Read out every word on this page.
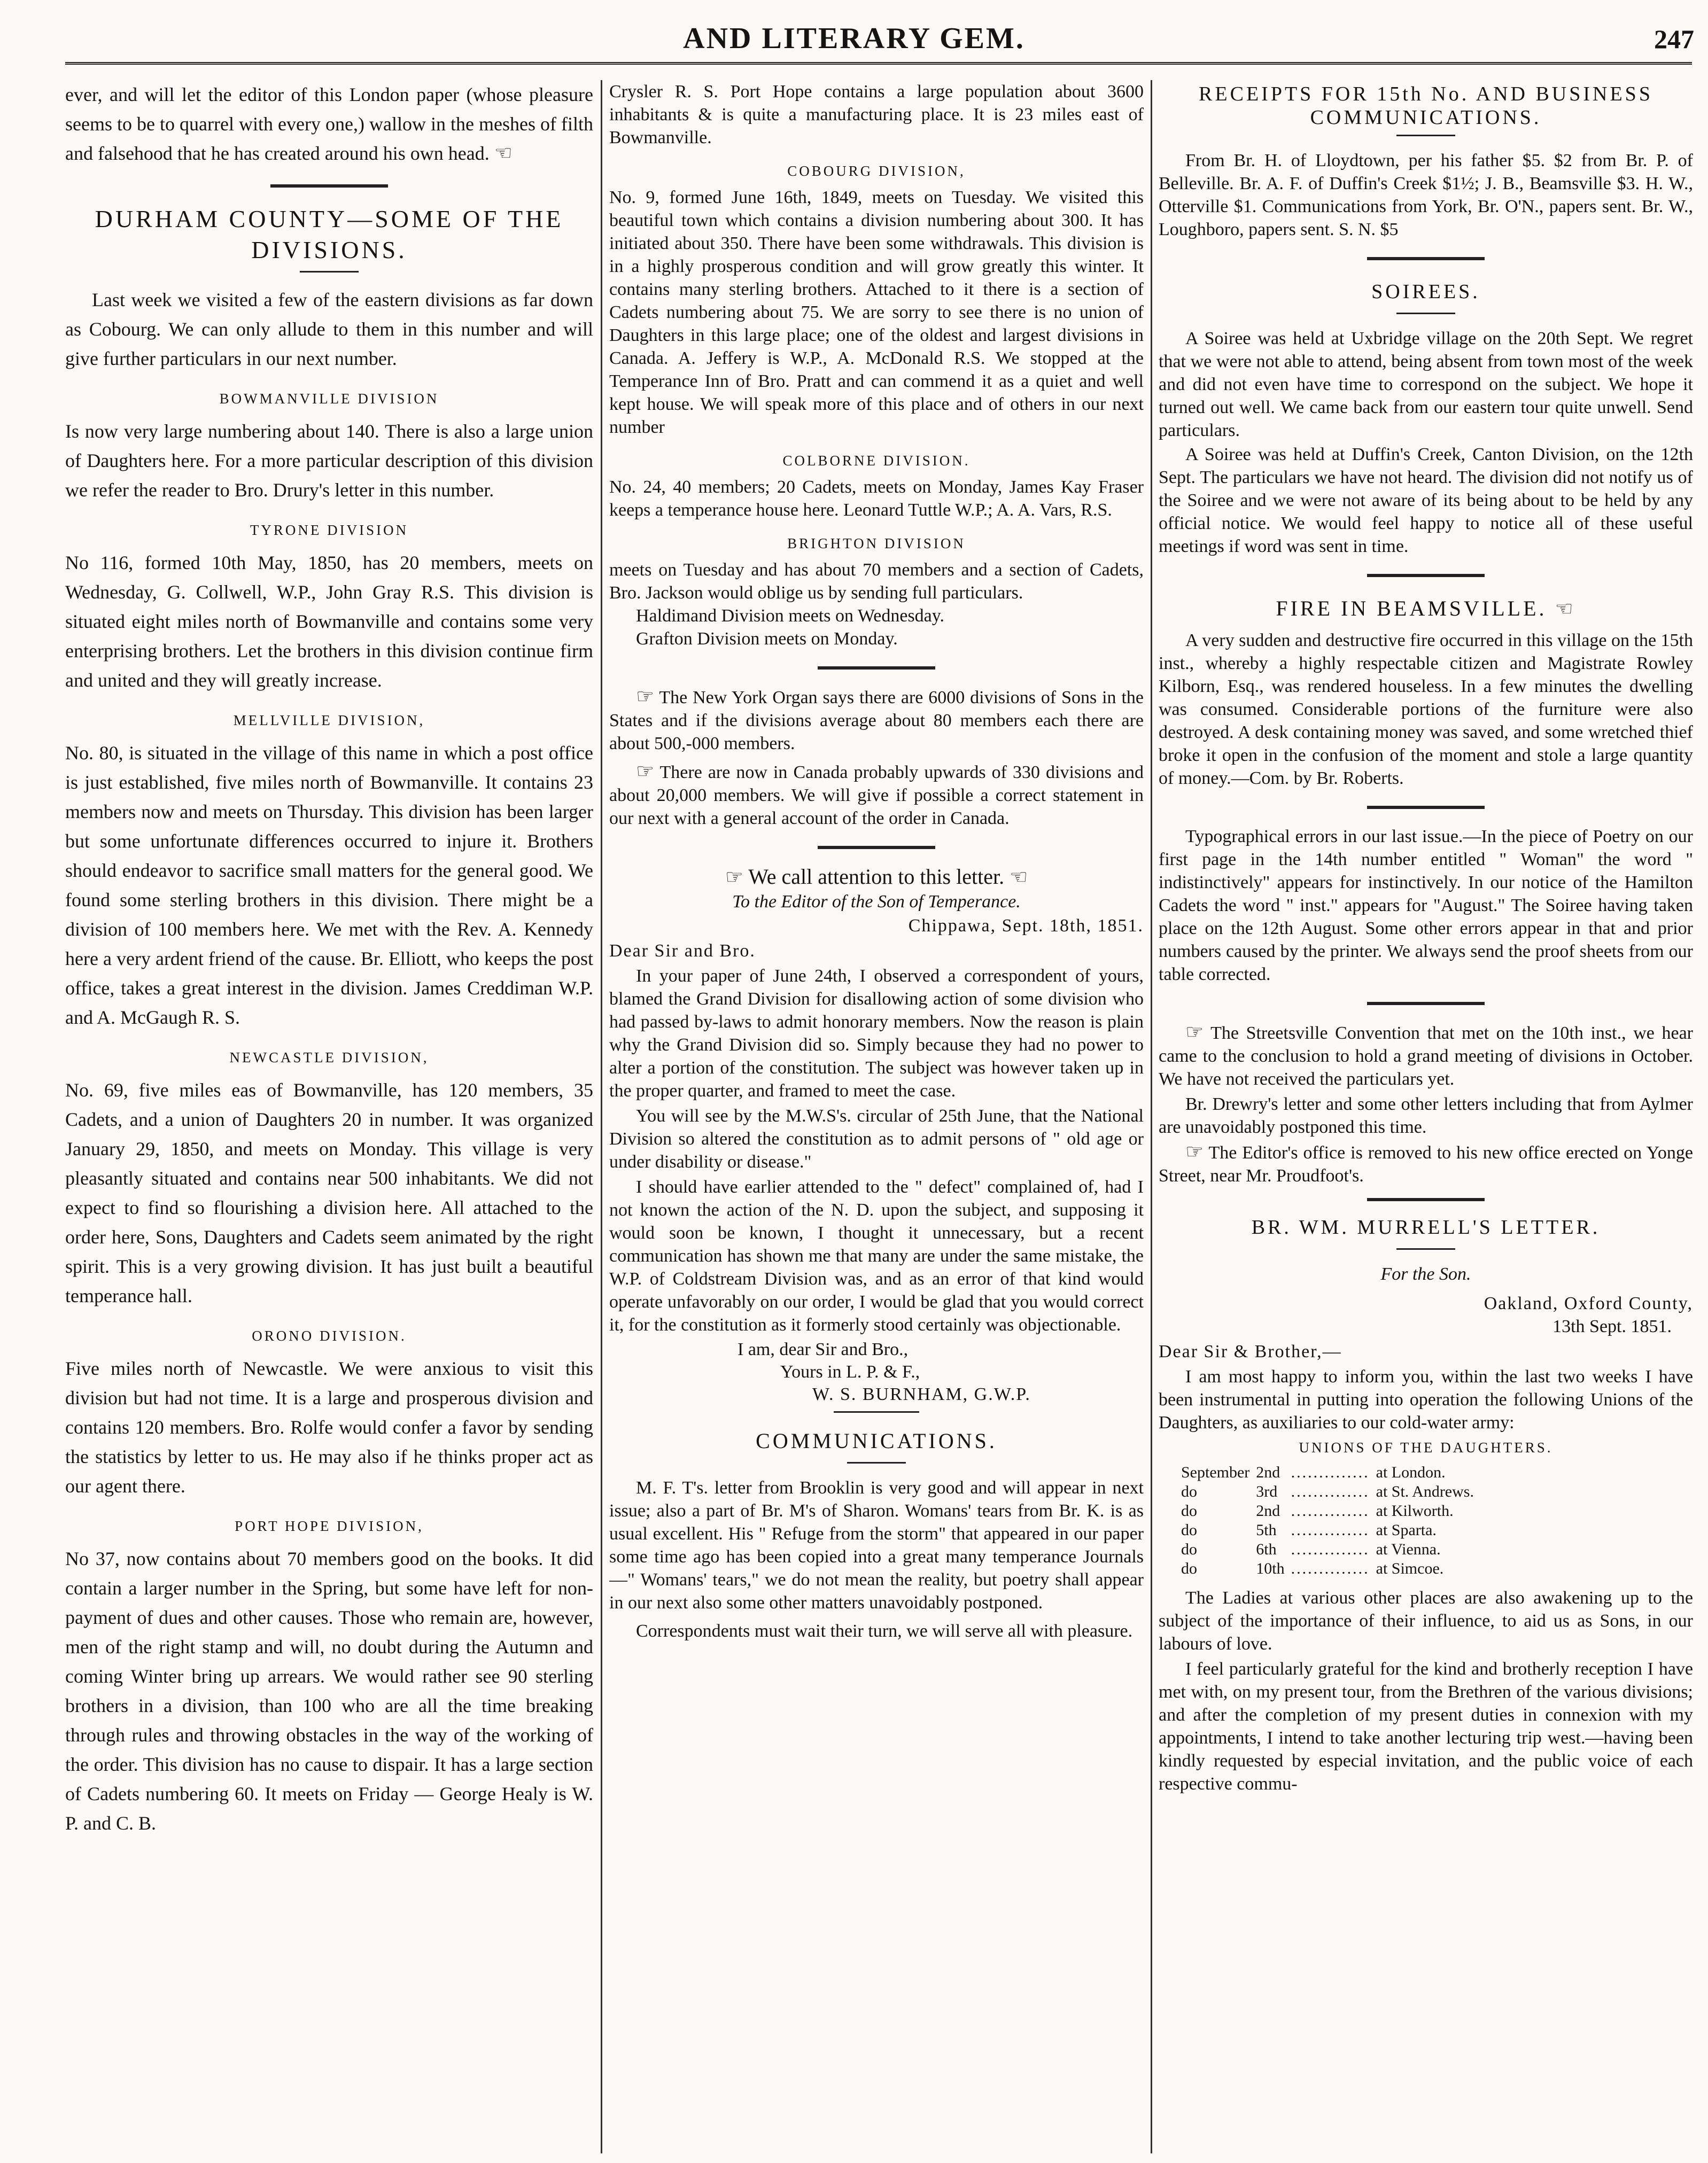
AND LITERARY GEM.	247

ever, and will let the editor of this London paper (whose pleasure seems to be to quarrel with every one,) wallow in the meshes of filth and falsehood that he has created around his own head. ☜

DURHAM COUNTY—SOME OF THE DIVISIONS.

Last week we visited a few of the eastern divisions as far down as Cobourg. We can only allude to them in this number and will give further particulars in our next number.

BOWMANVILLE DIVISION

Is now very large numbering about 140. There is also a large union of Daughters here. For a more particular description of this division we refer the reader to Bro. Drury's letter in this number.

TYRONE DIVISION

No 116, formed 10th May, 1850, has 20 members, meets on Wednesday, G. Collwell, W.P., John Gray R.S. This division is situated eight miles north of Bowmanville and contains some very enterprising brothers. Let the brothers in this division continue firm and united and they will greatly increase.

MELLVILLE DIVISION,

No. 80, is situated in the village of this name in which a post office is just established, five miles north of Bowmanville. It contains 23 members now and meets on Thursday. This division has been larger but some unfortunate differences occurred to injure it. Brothers should endeavor to sacrifice small matters for the general good. We found some sterling brothers in this division. There might be a division of 100 members here. We met with the Rev. A. Kennedy here a very ardent friend of the cause. Br. Elliott, who keeps the post office, takes a great interest in the division. James Creddiman W.P. and A. McGaugh R. S.

NEWCASTLE DIVISION,

No. 69, five miles eas of Bowmanville, has 120 members, 35 Cadets, and a union of Daughters 20 in number. It was organized January 29, 1850, and meets on Monday. This village is very pleasantly situated and contains near 500 inhabitants. We did not expect to find so flourishing a division here. All attached to the order here, Sons, Daughters and Cadets seem animated by the right spirit. This is a very growing division. It has just built a beautiful temperance hall.

ORONO DIVISION.

Five miles north of Newcastle. We were anxious to visit this division but had not time. It is a large and prosperous division and contains 120 members. Bro. Rolfe would confer a favor by sending the statistics by letter to us. He may also if he thinks proper act as our agent there.

PORT HOPE DIVISION,

No 37, now contains about 70 members good on the books. It did contain a larger number in the Spring, but some have left for non-payment of dues and other causes. Those who remain are, however, men of the right stamp and will, no doubt during the Autumn and coming Winter bring up arrears. We would rather see 90 sterling brothers in a division, than 100 who are all the time breaking through rules and throwing obstacles in the way of the working of the order. This division has no cause to dispair. It has a large section of Cadets numbering 60. It meets on Friday — George Healy is W. P. and C. B.

Crysler R. S. Port Hope contains a large population about 3600 inhabitants & is quite a manufacturing place. It is 23 miles east of Bowmanville.

COBOURG DIVISION,

No. 9, formed June 16th, 1849, meets on Tuesday. We visited this beautiful town which contains a division numbering about 300. It has initiated about 350. There have been some withdrawals. This division is in a highly prosperous condition and will grow greatly this winter. It contains many sterling brothers. Attached to it there is a section of Cadets numbering about 75. We are sorry to see there is no union of Daughters in this large place; one of the oldest and largest divisions in Canada. A. Jeffery is W.P., A. McDonald R.S. We stopped at the Temperance Inn of Bro. Pratt and can commend it as a quiet and well kept house. We will speak more of this place and of others in our next number

COLBORNE DIVISION.

No. 24, 40 members; 20 Cadets, meets on Monday, James Kay Fraser keeps a temperance house here. Leonard Tuttle W.P.; A. A. Vars, R.S.

BRIGHTON DIVISION

meets on Tuesday and has about 70 members and a section of Cadets, Bro. Jackson would oblige us by sending full particulars.

Haldimand Division meets on Wednesday.

Grafton Division meets on Monday.

☞ The New York Organ says there are 6000 divisions of Sons in the States and if the divisions average about 80 members each there are about 500,-000 members.

☞ There are now in Canada probably upwards of 330 divisions and about 20,000 members. We will give if possible a correct statement in our next with a general account of the order in Canada.

☞ We call attention to this letter. ☜

To the Editor of the Son of Temperance.

Chippawa, Sept. 18th, 1851.

Dear Sir and Bro.

In your paper of June 24th, I observed a correspondent of yours, blamed the Grand Division for disallowing action of some division who had passed by-laws to admit honorary members. Now the reason is plain why the Grand Division did so. Simply because they had no power to alter a portion of the constitution. The subject was however taken up in the proper quarter, and framed to meet the case.

You will see by the M.W.S's. circular of 25th June, that the National Division so altered the constitution as to admit persons of " old age or under disability or disease."

I should have earlier attended to the " defect" complained of, had I not known the action of the N. D. upon the subject, and supposing it would soon be known, I thought it unnecessary, but a recent communication has shown me that many are under the same mistake, the W.P. of Coldstream Division was, and as an error of that kind would operate unfavorably on our order, I would be glad that you would correct it, for the constitution as it formerly stood certainly was objectionable.

I am, dear Sir and Bro.,

Yours in L. P. & F.,

W. S. BURNHAM, G.W.P.

COMMUNICATIONS.

M. F. T's. letter from Brooklin is very good and will appear in next issue; also a part of Br. M's of Sharon. Womans' tears from Br. K. is as usual excellent. His " Refuge from the storm" that appeared in our paper some time ago has been copied into a great many temperance Journals—" Womans' tears," we do not mean the reality, but poetry shall appear in our next also some other matters unavoidably postponed.

Correspondents must wait their turn, we will serve all with pleasure.

RECEIPTS FOR 15th No. AND BUSINESS COMMUNICATIONS.

From Br. H. of Lloydtown, per his father $5. $2 from Br. P. of Belleville. Br. A. F. of Duffin's Creek $1½; J. B., Beamsville $3. H. W., Otterville $1. Communications from York, Br. O'N., papers sent. Br. W., Loughboro, papers sent. S. N. $5

SOIREES.

A Soiree was held at Uxbridge village on the 20th Sept. We regret that we were not able to attend, being absent from town most of the week and did not even have time to correspond on the subject. We hope it turned out well. We came back from our eastern tour quite unwell. Send particulars.

A Soiree was held at Duffin's Creek, Canton Division, on the 12th Sept. The particulars we have not heard. The division did not notify us of the Soiree and we were not aware of its being about to be held by any official notice. We would feel happy to notice all of these useful meetings if word was sent in time.

FIRE IN BEAMSVILLE. ☜

A very sudden and destructive fire occurred in this village on the 15th inst., whereby a highly respectable citizen and Magistrate Rowley Kilborn, Esq., was rendered houseless. In a few minutes the dwelling was consumed. Considerable portions of the furniture were also destroyed. A desk containing money was saved, and some wretched thief broke it open in the confusion of the moment and stole a large quantity of money.—Com. by Br. Roberts.

Typographical errors in our last issue.—In the piece of Poetry on our first page in the 14th number entitled " Woman" the word " indistinctively" appears for instinctively. In our notice of the Hamilton Cadets the word " inst." appears for "August." The Soiree having taken place on the 12th August. Some other errors appear in that and prior numbers caused by the printer. We always send the proof sheets from our table corrected.

☞ The Streetsville Convention that met on the 10th inst., we hear came to the conclusion to hold a grand meeting of divisions in October. We have not received the particulars yet.

Br. Drewry's letter and some other letters including that from Aylmer are unavoidably postponed this time.

☞ The Editor's office is removed to his new office erected on Yonge Street, near Mr. Proudfoot's.

BR. WM. MURRELL'S LETTER.

For the Son.

Oakland, Oxford County,

13th Sept. 1851.

Dear Sir & Brother,—

I am most happy to inform you, within the last two weeks I have been instrumental in putting into operation the following Unions of the Daughters, as auxiliaries to our cold-water army:

UNIONS OF THE DAUGHTERS.
September	2nd	..............	at London.
do	3rd	..............	at St. Andrews.
do	2nd	..............	at Kilworth.
do	5th	..............	at Sparta.
do	6th	..............	at Vienna.
do	10th	..............	at Simcoe.

The Ladies at various other places are also awakening up to the subject of the importance of their influence, to aid us as Sons, in our labours of love.

I feel particularly grateful for the kind and brotherly reception I have met with, on my present tour, from the Brethren of the various divisions; and after the completion of my present duties in connexion with my appointments, I intend to take another lecturing trip west.—having been kindly requested by especial invitation, and the public voice of each respective commu-
